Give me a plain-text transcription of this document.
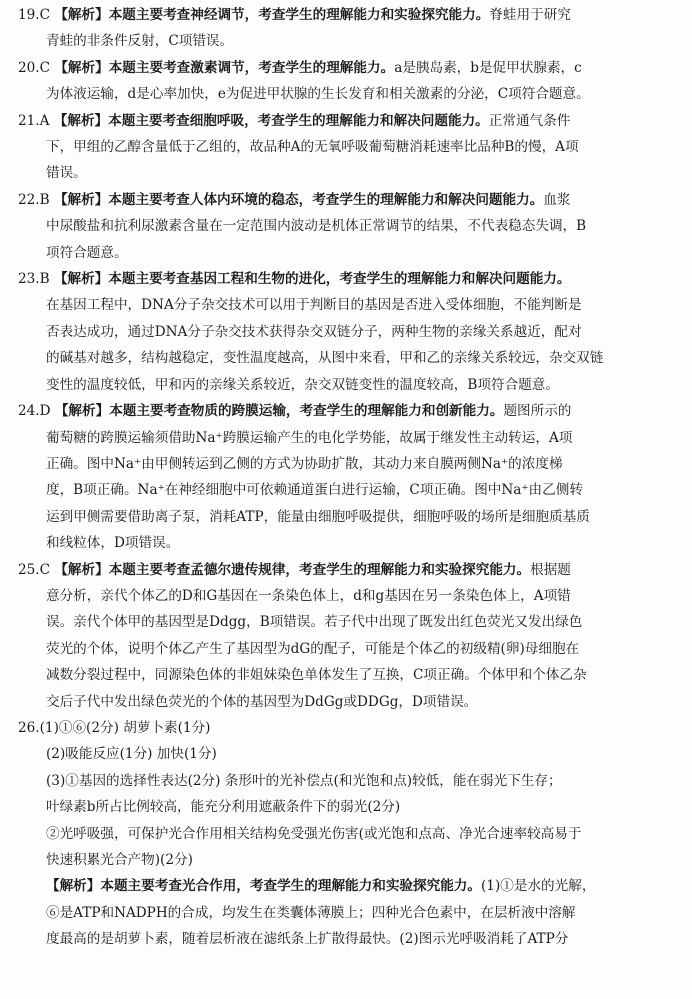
19.C 【解析】本题主要考查神经调节，考查学生的理解能力和实验探究能力。脊蛙用于研究
青蛙的非条件反射，C项错误。
20.C 【解析】本题主要考查激素调节，考查学生的理解能力。a是胰岛素，b是促甲状腺素，c
为体液运输，d是心率加快，e为促进甲状腺的生长发育和相关激素的分泌，C项符合题意。
21.A 【解析】本题主要考查细胞呼吸，考查学生的理解能力和解决问题能力。正常通气条件
下，甲组的乙醇含量低于乙组的，故品种A的无氧呼吸葡萄糖消耗速率比品种B的慢，A项
错误。
22.B 【解析】本题主要考查人体内环境的稳态，考查学生的理解能力和解决问题能力。血浆
中尿酸盐和抗利尿激素含量在一定范围内波动是机体正常调节的结果，不代表稳态失调，B
项符合题意。
23.B 【解析】本题主要考查基因工程和生物的进化，考查学生的理解能力和解决问题能力。
在基因工程中，DNA分子杂交技术可以用于判断目的基因是否进入受体细胞，不能判断是
否表达成功，通过DNA分子杂交技术获得杂交双链分子，两种生物的亲缘关系越近，配对
的碱基对越多，结构越稳定，变性温度越高，从图中来看，甲和乙的亲缘关系较远，杂交双链
变性的温度较低，甲和丙的亲缘关系较近，杂交双链变性的温度较高，B项符合题意。
24.D 【解析】本题主要考查物质的跨膜运输，考查学生的理解能力和创新能力。题图所示的
葡萄糖的跨膜运输须借助Na⁺跨膜运输产生的电化学势能，故属于继发性主动转运，A项
正确。图中Na⁺由甲侧转运到乙侧的方式为协助扩散，其动力来自膜两侧Na⁺的浓度梯
度，B项正确。Na⁺在神经细胞中可依赖通道蛋白进行运输，C项正确。图中Na⁺由乙侧转
运到甲侧需要借助离子泵，消耗ATP，能量由细胞呼吸提供，细胞呼吸的场所是细胞质基质
和线粒体，D项错误。
25.C 【解析】本题主要考查孟德尔遗传规律，考查学生的理解能力和实验探究能力。根据题
意分析，亲代个体乙的D和G基因在一条染色体上，d和g基因在另一条染色体上，A项错
误。亲代个体甲的基因型是Ddgg，B项错误。若子代中出现了既发出红色荧光又发出绿色
荧光的个体，说明个体乙产生了基因型为dG的配子，可能是个体乙的初级精(卵)母细胞在
减数分裂过程中，同源染色体的非姐妹染色单体发生了互换，C项正确。个体甲和个体乙杂
交后子代中发出绿色荧光的个体的基因型为DdGg或DDGg，D项错误。
26.(1)①⑥(2分) 胡萝卜素(1分)
(2)吸能反应(1分) 加快(1分)
(3)①基因的选择性表达(2分) 条形叶的光补偿点(和光饱和点)较低，能在弱光下生存；
叶绿素b所占比例较高，能充分利用遮蔽条件下的弱光(2分)
②光呼吸强，可保护光合作用相关结构免受强光伤害(或光饱和点高、净光合速率较高易于
快速积累光合产物)(2分)
【解析】本题主要考查光合作用，考查学生的理解能力和实验探究能力。(1)①是水的光解，
⑥是ATP和NADPH的合成，均发生在类囊体薄膜上；四种光合色素中，在层析液中溶解
度最高的是胡萝卜素，随着层析液在滤纸条上扩散得最快。(2)图示光呼吸消耗了ATP分
